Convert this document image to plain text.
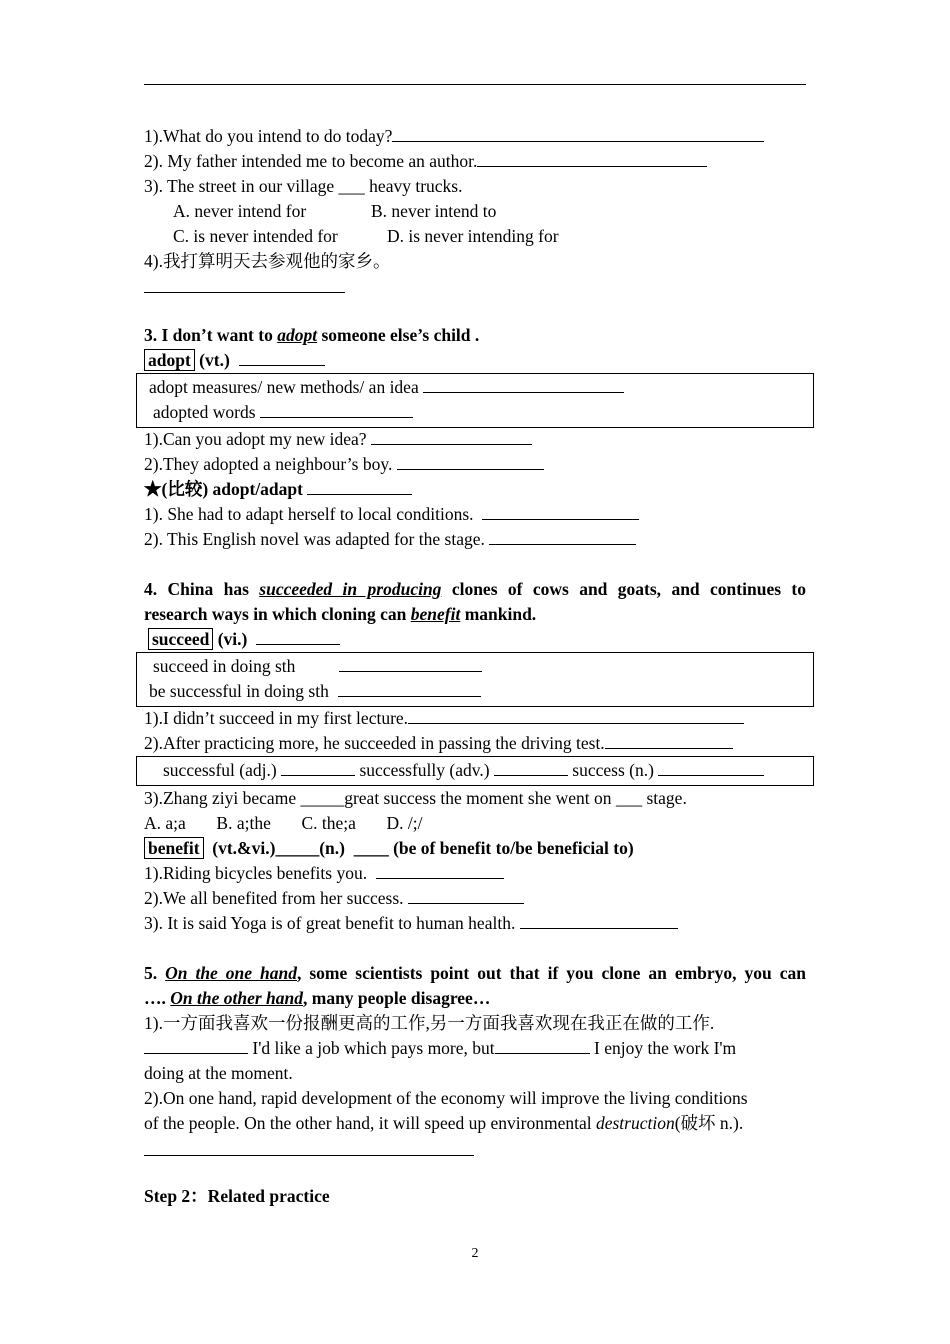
1).What do you intend to do today?
2). My father intended me to become an author.
3). The street in our village ___ heavy trucks.
A. never intend for	B. never intend to
C. is never intended for	D. is never intending for
4).我打算明天去参观他的家乡。
3. I don’t want to adopt someone else’s child .
adopt (vt.)
adopt measures/ new methods/ an idea
adopted words
1).Can you adopt my new idea?
2).They adopted a neighbour’s boy.
★(比较) adopt/adapt
1). She had to adapt herself to local conditions.
2). This English novel was adapted for the stage.
4. China has succeeded in producing clones of cows and goats, and continues to
research ways in which cloning can benefit mankind.
succeed (vi.)
succeed in doing sth
be successful in doing sth
1).I didn’t succeed in my first lecture.
2).After practicing more, he succeeded in passing the driving test.
successful (adj.)	successfully (adv.)	success (n.)
3).Zhang ziyi became _____great success the moment she went on ___ stage.
A. a;a       B. a;the       C. the;a       D. /;/
benefit  (vt.&vi.)_____(n.)  ____ (be of benefit to/be beneficial to)
1).Riding bicycles benefits you.
2).We all benefited from her success.
3). It is said Yoga is of great benefit to human health.
5. On the one hand, some scientists point out that if you clone an embryo, you can
…. On the other hand, many people disagree…
1).一方面我喜欢一份报酬更高的工作,另一方面我喜欢现在我正在做的工作.
I'd like a job which pays more, but	I enjoy the work I'm
doing at the moment.
2).On one hand, rapid development of the economy will improve the living conditions
of the people. On the other hand, it will speed up environmental destruction(破坏 n.).
Step 2：Related practice
2
